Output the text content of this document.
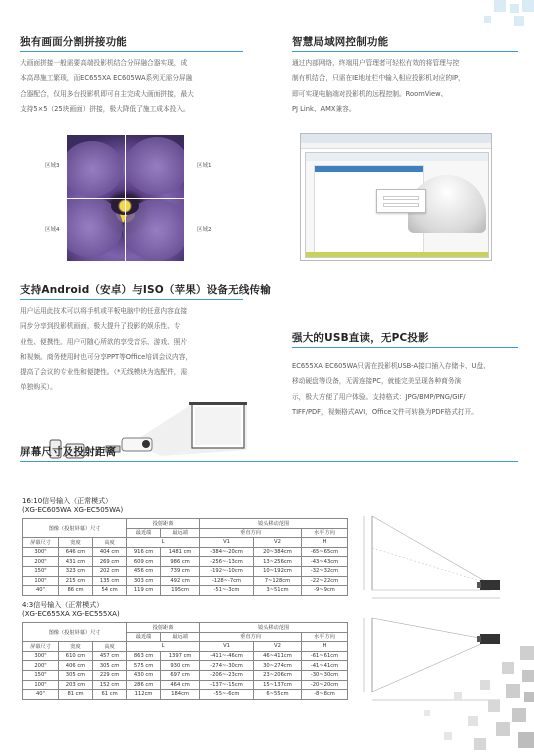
独有画面分割拼接功能
大画面拼接一般需要高端投影机结合分屏融合器实现，成
本高昂施工繁琐，而EC655XA EC605WA系列无需分屏融
合器配合，仅用多台投影机即可自主完成大画面拼接，最大
支持5×5（25块画面）拼接，极大降低了施工成本投入。
区域3	区域1
区域4	区域2
智慧局域网控制功能
通过内部网络，终端用户管理者可轻松有效的将管理与控
制有机结合，只需在IE地址栏中输入相应投影机对应的IP，
即可实现电脑端对投影机的远程控制。RoomView、
PJ Link、AMX兼容。
支持Android（安卓）与ISO（苹果）设备无线传输
用户运用此技术可以将手机或平板电脑中的任意内容直接
同步分享到投影机画面，极大提升了投影的娱乐性、专
业性、便携性。用户可随心所欲的享受音乐、游戏、照片
和视频。商务使用时也可分享PPT等Office培训会议内容，
提高了会议的专业性和便捷性。（*无线模块为选配件，需
单独购买）。
强大的USB直读，无PC投影
EC655XA EC605WA只需在投影机USB-A接口插入存储卡、U盘、
移动硬盘等设备，无需连接PC，就能完美呈现各种商务演
示，极大方便了用户体验。支持格式：JPG/BMP/PNG/GIF/
TIFF/PDF，视频格式AVI，Office文件可转换为PDF格式打开。
屏幕尺寸及投射距离
16:10信号输入（正常模式）
(XG-EC605WA XG-EC505WA)
图像（投射屏幕）尺寸			投射距离		镜头移动范围		
			最近端	最远端	垂直方向		水平方向
屏幕尺寸	宽度	高度	L		V1	V2	H
300"	646 cm	404 cm	916 cm	1481 cm	-384~-20cm	20~384cm	-65~65cm
200"	431 cm	269 cm	609 cm	986 cm	-256~-13cm	13~256cm	-43~43cm
150"	323 cm	202 cm	456 cm	739 cm	-192~-10cm	10~192cm	-32~32cm
100"	215 cm	135 cm	303 cm	492 cm	-128~-7cm	7~128cm	-22~22cm
40"	86 cm	54 cm	119 cm	195cm	-51~-3cm	3~51cm	-9~9cm
4:3信号输入（正常模式）
(XG-EC655XA XG-EC555XA)
图像（投射屏幕）尺寸			投射距离		镜头移动范围		
			最近端	最远端	垂直方向		水平方向
屏幕尺寸	宽度	高度	L		V1	V2	H
300"	610 cm	457 cm	863 cm	1397 cm	-411~-46cm	46~411cm	-61~61cm
200"	406 cm	305 cm	575 cm	930 cm	-274~-30cm	30~274cm	-41~41cm
150"	305 cm	229 cm	430 cm	697 cm	-206~-23cm	23~206cm	-30~30cm
100"	203 cm	152 cm	286 cm	464 cm	-137~-15cm	15~137cm	-20~20cm
40"	81 cm	61 cm	112cm	184cm	-55~-6cm	6~55cm	-8~8cm
